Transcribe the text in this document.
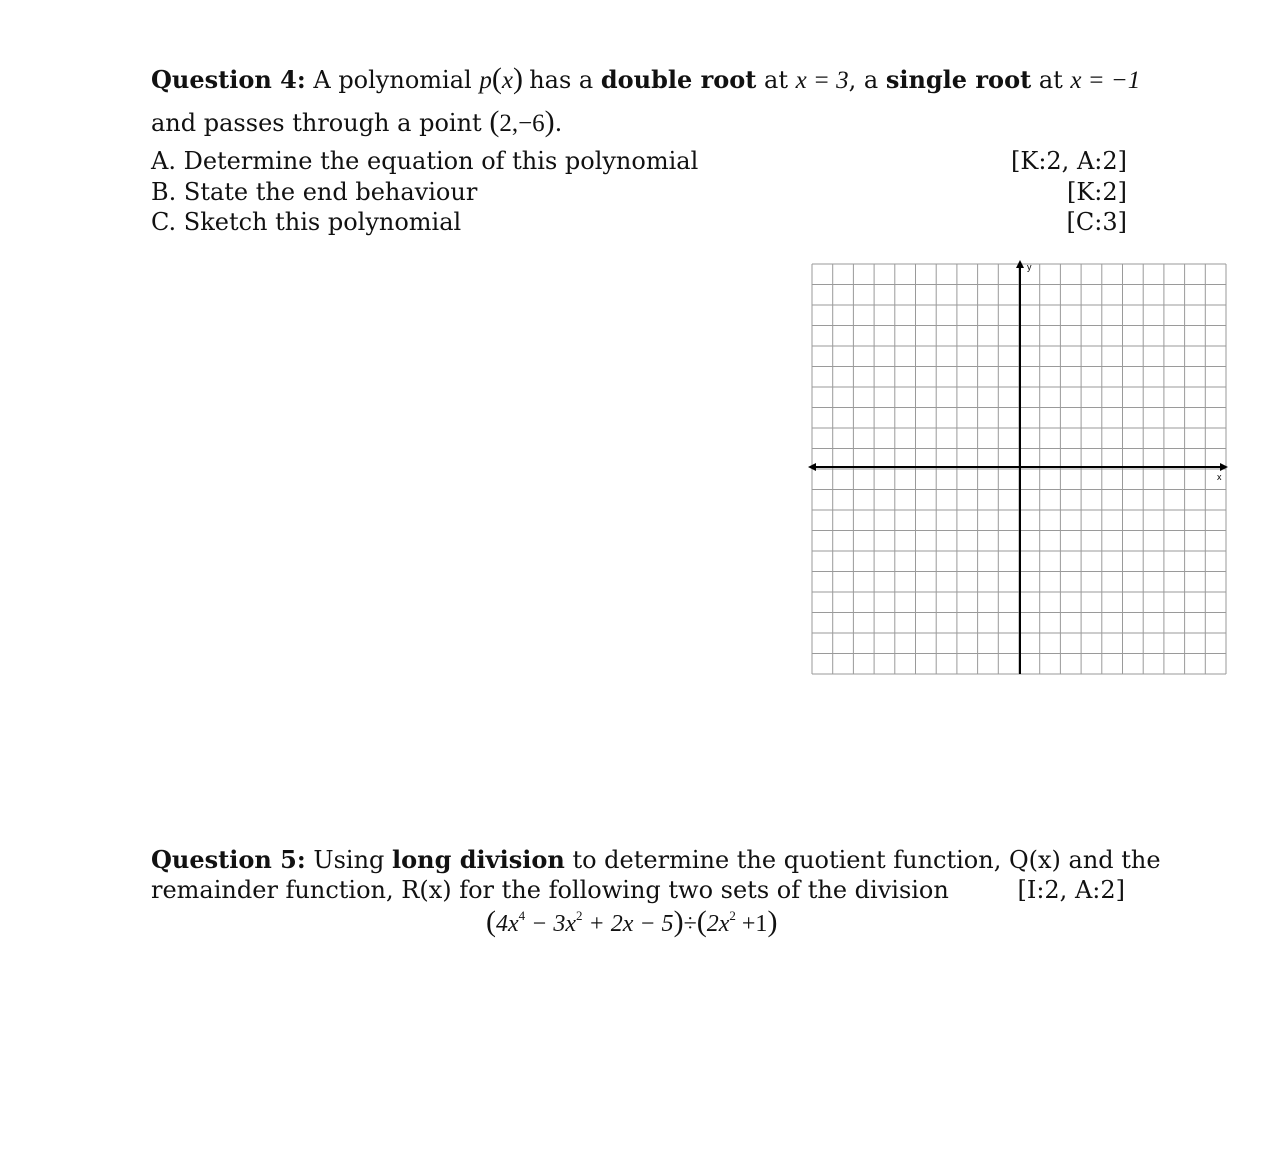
Question 4: A polynomial p(x) has a double root at x = 3, a single root at x = −1
and passes through a point (2,−6).
A. Determine the equation of this polynomial
B. State the end behaviour
C. Sketch this polynomial
[K:2, A:2]
[K:2]
[C:3]
y
x
Question 5: Using long division to determine the quotient function, Q(x) and the
remainder function, R(x) for the following two sets of the division	[I:2, A:2]
$(4x^4 - 3x^2 + 2x - 5)\div(2x^2 +1)$
